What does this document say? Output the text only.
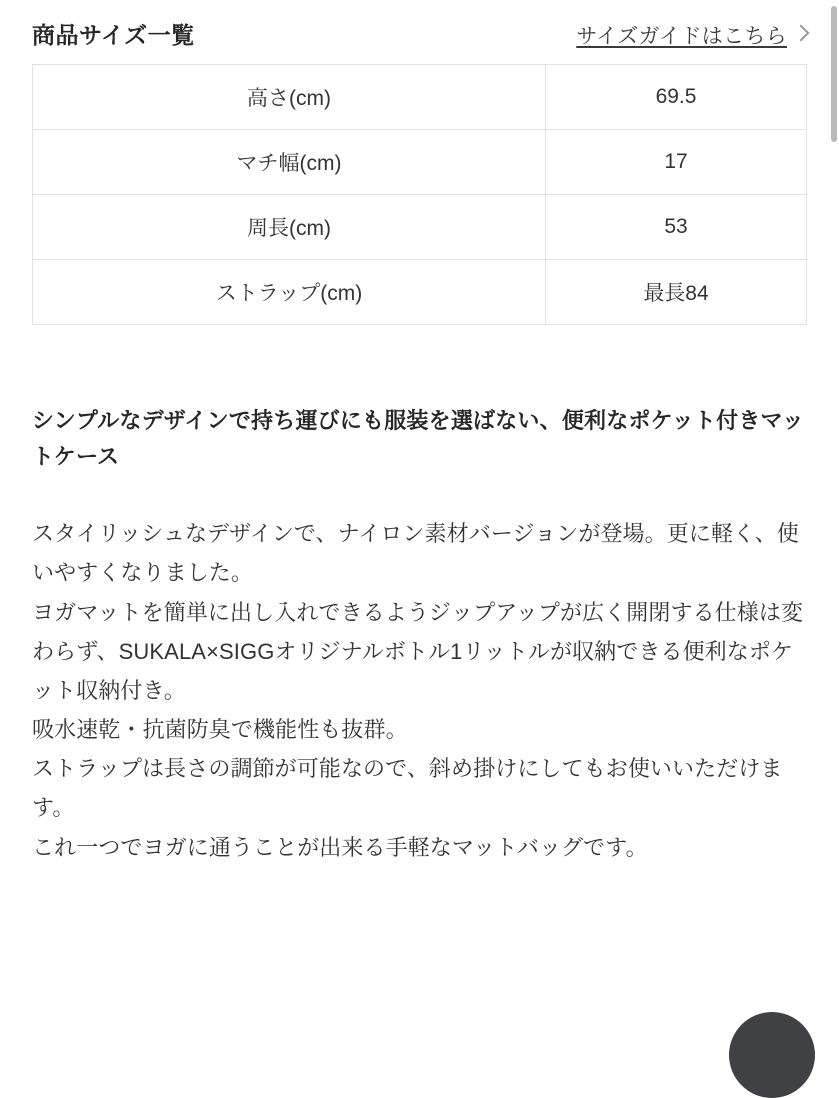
商品サイズ一覧	サイズガイドはこちら
高さ(cm)	69.5
マチ幅(cm)	17
周長(cm)	53
ストラップ(cm)	最長84
シンプルなデザインで持ち運びにも服装を選ばない、便利なポケット付きマットケース

スタイリッシュなデザインで、ナイロン素材バージョンが登場。更に軽く、使いやすくなりました。

ヨガマットを簡単に出し入れできるようジップアップが広く開閉する仕様は変わらず、SUKALA×SIGGオリジナルボトル1リットルが収納できる便利なポケット収納付き。

吸水速乾・抗菌防臭で機能性も抜群。

ストラップは長さの調節が可能なので、斜め掛けにしてもお使いいただけます。

これ一つでヨガに通うことが出来る手軽なマットバッグです。
